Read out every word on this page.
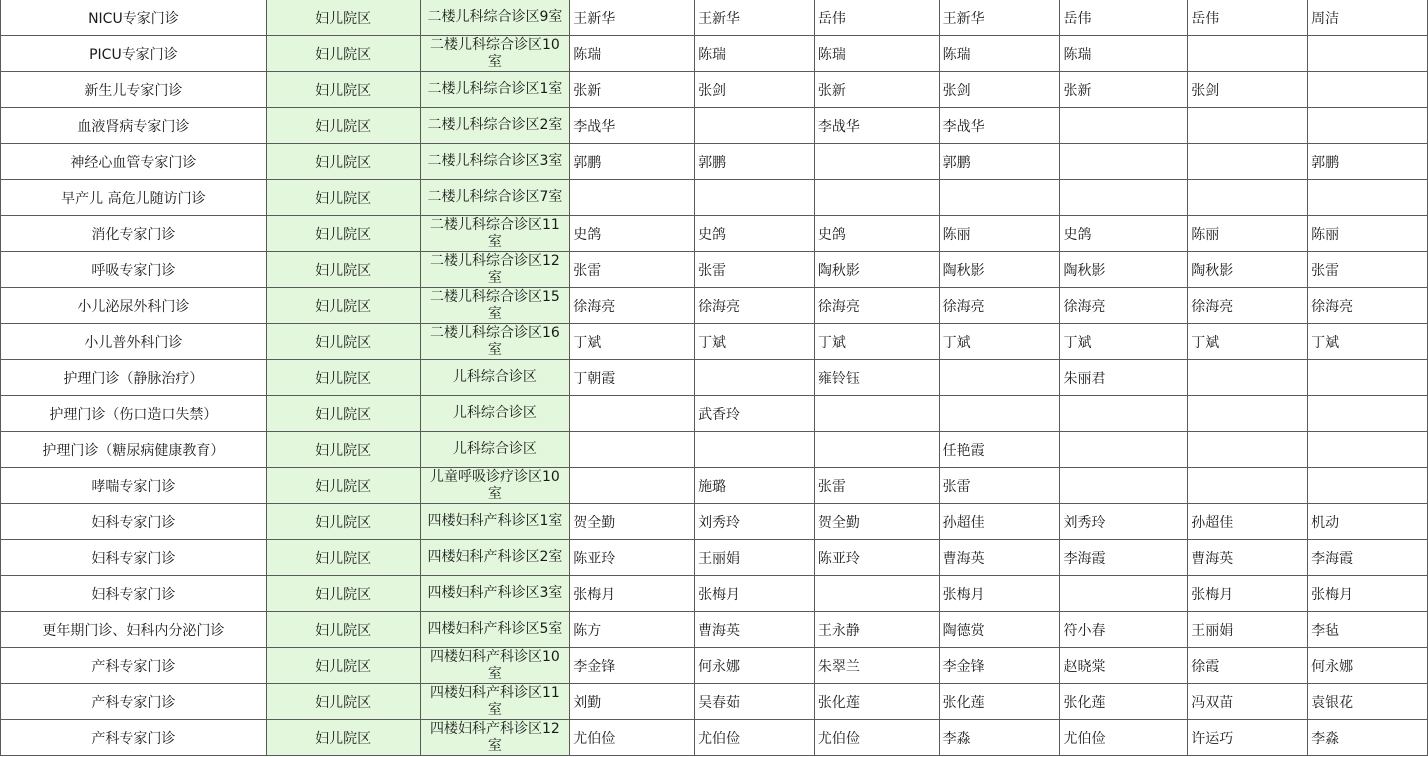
NICU专家门诊	妇儿院区	二楼儿科综合诊区9室	王新华	王新华	岳伟	王新华	岳伟	岳伟	周洁
PICU专家门诊	妇儿院区	二楼儿科综合诊区10室	陈瑞	陈瑞	陈瑞	陈瑞	陈瑞		
新生儿专家门诊	妇儿院区	二楼儿科综合诊区1室	张新	张剑	张新	张剑	张新	张剑	
血液肾病专家门诊	妇儿院区	二楼儿科综合诊区2室	李战华		李战华	李战华			
神经心血管专家门诊	妇儿院区	二楼儿科综合诊区3室	郭鹏	郭鹏		郭鹏			郭鹏
早产儿 高危儿随访门诊	妇儿院区	二楼儿科综合诊区7室							

消化专家门诊	妇儿院区	二楼儿科综合诊区11室	史鸽	史鸽	史鸽	陈丽	史鸽	陈丽	陈丽
呼吸专家门诊	妇儿院区	二楼儿科综合诊区12室	张雷	张雷	陶秋影	陶秋影	陶秋影	陶秋影	张雷
小儿泌尿外科门诊	妇儿院区	二楼儿科综合诊区15室	徐海亮	徐海亮	徐海亮	徐海亮	徐海亮	徐海亮	徐海亮
小儿普外科门诊	妇儿院区	二楼儿科综合诊区16室	丁斌	丁斌	丁斌	丁斌	丁斌	丁斌	丁斌
护理门诊（静脉治疗）	妇儿院区	儿科综合诊区	丁朝霞		雍铃钰		朱丽君		
护理门诊（伤口造口失禁）	妇儿院区	儿科综合诊区		武香玲					
护理门诊（糖尿病健康教育）	妇儿院区	儿科综合诊区				任艳霞			
哮喘专家门诊	妇儿院区	儿童呼吸诊疗诊区10室		施璐	张雷	张雷			
妇科专家门诊	妇儿院区	四楼妇科产科诊区1室	贺全勤	刘秀玲	贺全勤	孙超佳	刘秀玲	孙超佳	机动
妇科专家门诊	妇儿院区	四楼妇科产科诊区2室	陈亚玲	王丽娟	陈亚玲	曹海英	李海霞	曹海英	李海霞
妇科专家门诊	妇儿院区	四楼妇科产科诊区3室	张梅月	张梅月		张梅月		张梅月	张梅月
更年期门诊、妇科内分泌门诊	妇儿院区	四楼妇科产科诊区5室	陈方	曹海英	王永静	陶德赏	符小春	王丽娟	李毡
产科专家门诊	妇儿院区	四楼妇科产科诊区10室	李金锋	何永娜	朱翠兰	李金锋	赵晓棠	徐霞	何永娜
产科专家门诊	妇儿院区	四楼妇科产科诊区11室	刘勤	吴春茹	张化莲	张化莲	张化莲	冯双苗	袁银花
产科专家门诊	妇儿院区	四楼妇科产科诊区12室	尤伯俭	尤伯俭	尤伯俭	李淼	尤伯俭	许运巧	李淼
